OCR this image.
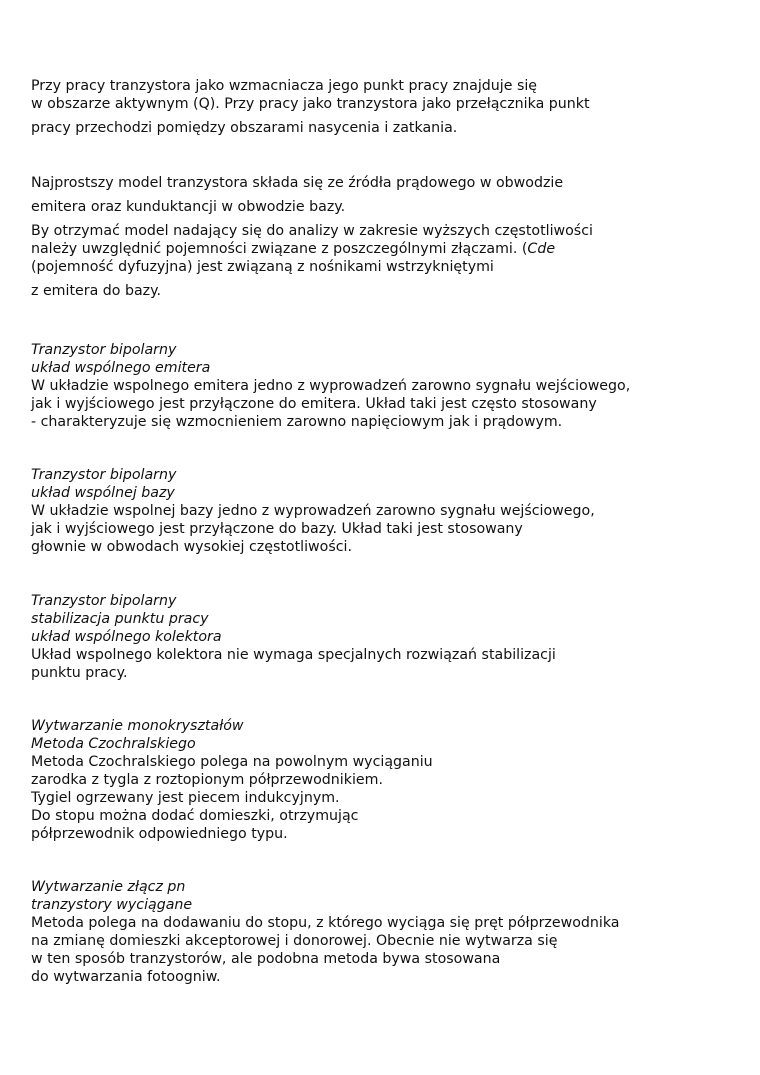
Przy pracy tranzystora jako wzmacniacza jego punkt pracy znajduje się
w obszarze aktywnym (Q). Przy pracy jako tranzystora jako przełącznika punkt
pracy przechodzi pomiędzy obszarami nasycenia i zatkania.
Najprostszy model tranzystora składa się ze źródła prądowego w obwodzie
emitera oraz kunduktancji w obwodzie bazy.
By otrzymać model nadający się do analizy w zakresie wyższych częstotliwości
należy uwzględnić pojemności związane z poszczególnymi złączami. (Cde
(pojemność dyfuzyjna) jest związaną z nośnikami wstrzykniętymi
z emitera do bazy.
Tranzystor bipolarny
układ wspólnego emitera
W układzie wspolnego emitera jedno z wyprowadzeń zarowno sygnału wejściowego,
jak i wyjściowego jest przyłączone do emitera. Układ taki jest często stosowany
- charakteryzuje się wzmocnieniem zarowno napięciowym jak i prądowym.
Tranzystor bipolarny
układ wspólnej bazy
W układzie wspolnej bazy jedno z wyprowadzeń zarowno sygnału wejściowego,
jak i wyjściowego jest przyłączone do bazy. Układ taki jest stosowany
głownie w obwodach wysokiej częstotliwości.
Tranzystor bipolarny
stabilizacja punktu pracy
układ wspólnego kolektora
Układ wspolnego kolektora nie wymaga specjalnych rozwiązań stabilizacji
punktu pracy.
Wytwarzanie monokryształów
Metoda Czochralskiego
Metoda Czochralskiego polega na powolnym wyciąganiu
zarodka z tygla z roztopionym półprzewodnikiem.
Tygiel ogrzewany jest piecem indukcyjnym.
Do stopu można dodać domieszki, otrzymując
półprzewodnik odpowiedniego typu.
Wytwarzanie złącz pn
tranzystory wyciągane
Metoda polega na dodawaniu do stopu, z którego wyciąga się pręt półprzewodnika
na zmianę domieszki akceptorowej i donorowej. Obecnie nie wytwarza się
w ten sposób tranzystorów, ale podobna metoda bywa stosowana
do wytwarzania fotoogniw.
